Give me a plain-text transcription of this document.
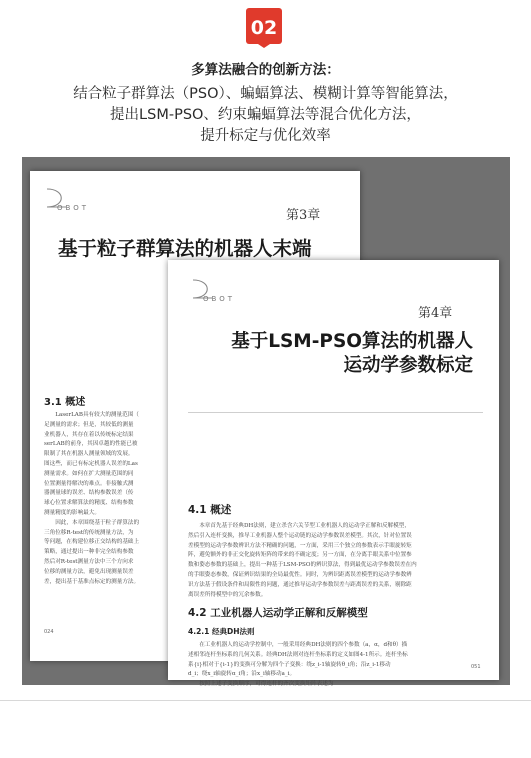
02
多算法融合的创新方法：
结合粒子群算法（PSO）、蝙蝠算法、模糊计算等智能算法，
提出LSM-PSO、约束蝙蝠算法等混合优化方法，
提升标定与优化效率
OBOT	第3章
基于粒子群算法的机器人末端
3.1 概述
LaserLAB具有较大的测量范围（
足测量的需求；但是，其较低的测量
业机器人，其存在着以传统标定结果
serLAB的前身，其因卓越的性能已被
限制了其在机器人测量领域的发展。
图这些，而已有标定机器人误差的Las
测量需求。如何在扩大测量范围的同
位置测量得解决的难点。非接触式测
器测量球的误差、结构参数误差（传
球心位置求解算法的精度、结构参数
测量精度的影响最大。
因此，本章围绕基于粒子群算法的
三角位移R-test的传统测量方法，为
等问题，在构建位移正交结构的基础上
策略，通过提出一种非完全结构参数
然后对R-test测量方法中三个方向求
位移的测量方法，避免出现测量误差
差，提出基于基准点标定的测量方法。
024
OBOT
第4章
基于LSM-PSO算法的机器人
运动学参数标定
4.1 概述
本章首先基于经典DH法则，建立杀含六关节型工业机器人的运动学正解和反解模型，
然后引入连杆变换，推导工业机器人整个运动链的运动学参数误差模型。其次，针对位置误
差模型的运动学参数辨识方法不精确的问题，一方面，采用三个独立的参数表示手眼旋转矩
阵，避免额外的非正交化旋转矩阵的带来的不确定度；另一方面，在分离手眼关系中位置参
数和姿态参数的基础上，提出一种基于LSM-PSO的辨识算法，得到最优运动学参数误差在内
的手眼姿态参数，保证辨识结果的全局最优性。同时，为辨识距离误差模型的运动学参数辨
识方法基于假设条件和局限性的问题，通过推导运动学参数误差与距离误差的关系，剔除距
离误差所得模型中的冗余参数。
4.2 工业机器人运动学正解和反解模型
4.2.1 经典DH法则
在工业机器人的运动学控制中，一般采用经典DH法则的四个参数（a，α，d和θ）描
述相邻连杆坐标系的几何关系。经典DH法则对连杆坐标系的定义如图4-1所示。连杆坐标
系{i}相对于{i-1}的变换可分解为四个子变换：绕z_i-1轴旋转θ_i角；沿z_i-1移动
d_i；绕x_i轴旋转α_i角；沿x_i轴移动a_i。
按照上述子变换顺序，可得连杆的齐次变换矩阵表述为
051
